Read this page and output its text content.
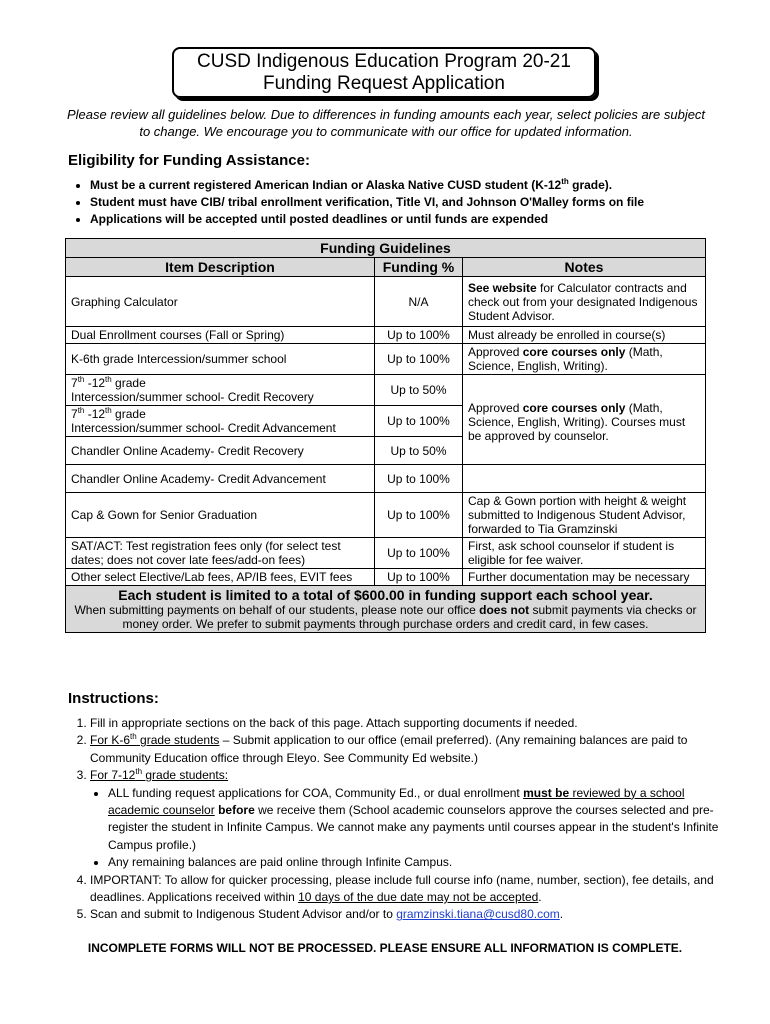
CUSD Indigenous Education Program 20-21
Funding Request Application
Please review all guidelines below. Due to differences in funding amounts each year, select policies are subject to change. We encourage you to communicate with our office for updated information.
Eligibility for Funding Assistance:
• Must be a current registered American Indian or Alaska Native CUSD student (K-12th grade).
• Student must have CIB/ tribal enrollment verification, Title VI, and Johnson O'Malley forms on file
• Applications will be accepted until posted deadlines or until funds are expended
Funding Guidelines		
Item Description	Funding %	Notes
Graphing Calculator	N/A	See website for Calculator contracts and check out from your designated Indigenous Student Advisor.
Dual Enrollment courses (Fall or Spring)	Up to 100%	Must already be enrolled in course(s)
K-6th grade Intercession/summer school	Up to 100%	Approved core courses only (Math, Science, English, Writing).
7th -12th grade
Intercession/summer school- Credit Recovery	Up to 50%	Approved core courses only (Math, Science, English, Writing). Courses must be approved by counselor.
7th -12th grade
Intercession/summer school- Credit Advancement	Up to 100%	
Chandler Online Academy- Credit Recovery	Up to 50%	
Chandler Online Academy- Credit Advancement	Up to 100%	
Cap & Gown for Senior Graduation	Up to 100%	Cap & Gown portion with height & weight submitted to Indigenous Student Advisor, forwarded to Tia Gramzinski
SAT/ACT: Test registration fees only (for select test dates; does not cover late fees/add-on fees)	Up to 100%	First, ask school counselor if student is eligible for fee waiver.
Other select Elective/Lab fees, AP/IB fees, EVIT fees	Up to 100%	Further documentation may be necessary

Each student is limited to a total of $600.00 in funding support each school year.
When submitting payments on behalf of our students, please note our office does not submit payments via checks or money order. We prefer to submit payments through purchase orders and credit card, in few cases.		
Instructions:
1. Fill in appropriate sections on the back of this page. Attach supporting documents if needed.
2. For K-6th grade students – Submit application to our office (email preferred). (Any remaining balances are paid to Community Education office through Eleyo. See Community Ed website.)
3. For 7-12th grade students:
• ALL funding request applications for COA, Community Ed., or dual enrollment must be reviewed by a school academic counselor before we receive them (School academic counselors approve the courses selected and pre-register the student in Infinite Campus. We cannot make any payments until courses appear in the student's Infinite Campus profile.)
• Any remaining balances are paid online through Infinite Campus.
4. IMPORTANT: To allow for quicker processing, please include full course info (name, number, section), fee details, and deadlines. Applications received within 10 days of the due date may not be accepted.
5. Scan and submit to Indigenous Student Advisor and/or to gramzinski.tiana@cusd80.com.
INCOMPLETE FORMS WILL NOT BE PROCESSED. PLEASE ENSURE ALL INFORMATION IS COMPLETE.
